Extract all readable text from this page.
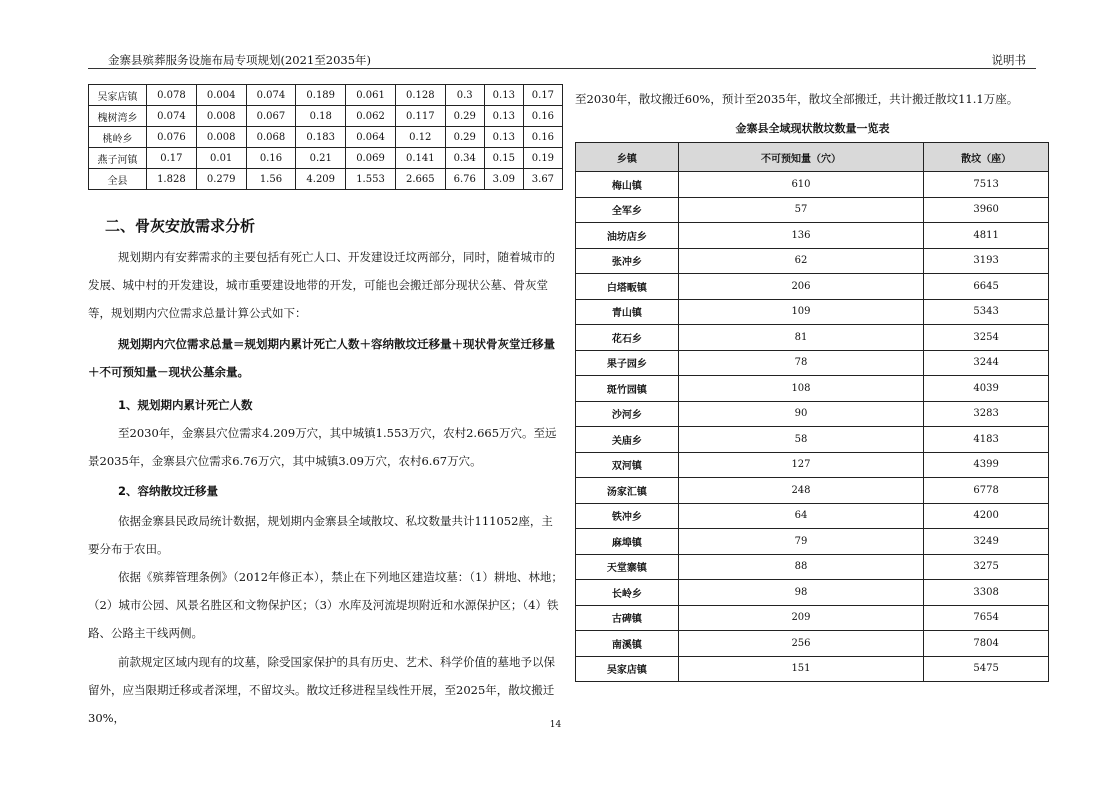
金寨县殡葬服务设施布局专项规划(2021至2035年)	说明书
吴家店镇	0.078	0.004	0.074	0.189	0.061	0.128	0.3	0.13	0.17
槐树湾乡	0.074	0.008	0.067	0.18	0.062	0.117	0.29	0.13	0.16
桃岭乡	0.076	0.008	0.068	0.183	0.064	0.12	0.29	0.13	0.16
燕子河镇	0.17	0.01	0.16	0.21	0.069	0.141	0.34	0.15	0.19
全县	1.828	0.279	1.56	4.209	1.553	2.665	6.76	3.09	3.67
二、骨灰安放需求分析
规划期内有安葬需求的主要包括有死亡人口、开发建设迁坟两部分，同时，随着城市的发展、城中村的开发建设，城市重要建设地带的开发，可能也会搬迁部分现状公墓、骨灰堂等，规划期内穴位需求总量计算公式如下：
规划期内穴位需求总量＝规划期内累计死亡人数＋容纳散坟迁移量＋现状骨灰堂迁移量＋不可预知量－现状公墓余量。
1、规划期内累计死亡人数
至2030年，金寨县穴位需求4.209万穴，其中城镇1.553万穴，农村2.665万穴。至远景2035年，金寨县穴位需求6.76万穴，其中城镇3.09万穴，农村6.67万穴。
2、容纳散坟迁移量
依据金寨县民政局统计数据，规划期内金寨县全域散坟、私坟数量共计111052座，主要分布于农田。
依据《殡葬管理条例》（2012年修正本），禁止在下列地区建造坟墓：（1）耕地、林地；（2）城市公园、风景名胜区和文物保护区；（3）水库及河流堤坝附近和水源保护区；（4）铁路、公路主干线两侧。
前款规定区域内现有的坟墓，除受国家保护的具有历史、艺术、科学价值的墓地予以保留外，应当限期迁移或者深埋，不留坟头。散坟迁移进程呈线性开展，至2025年，散坟搬迁30%，
至2030年，散坟搬迁60%，预计至2035年，散坟全部搬迁，共计搬迁散坟11.1万座。
金寨县全域现状散坟数量一览表
乡镇	不可预知量（穴）	散坟（座）
梅山镇	610	7513
全军乡	57	3960
油坊店乡	136	4811
张冲乡	62	3193
白塔畈镇	206	6645
青山镇	109	5343
花石乡	81	3254
果子园乡	78	3244
斑竹园镇	108	4039
沙河乡	90	3283
关庙乡	58	4183
双河镇	127	4399
汤家汇镇	248	6778
铁冲乡	64	4200
麻埠镇	79	3249
天堂寨镇	88	3275
长岭乡	98	3308
古碑镇	209	7654
南溪镇	256	7804
吴家店镇	151	5475
14
